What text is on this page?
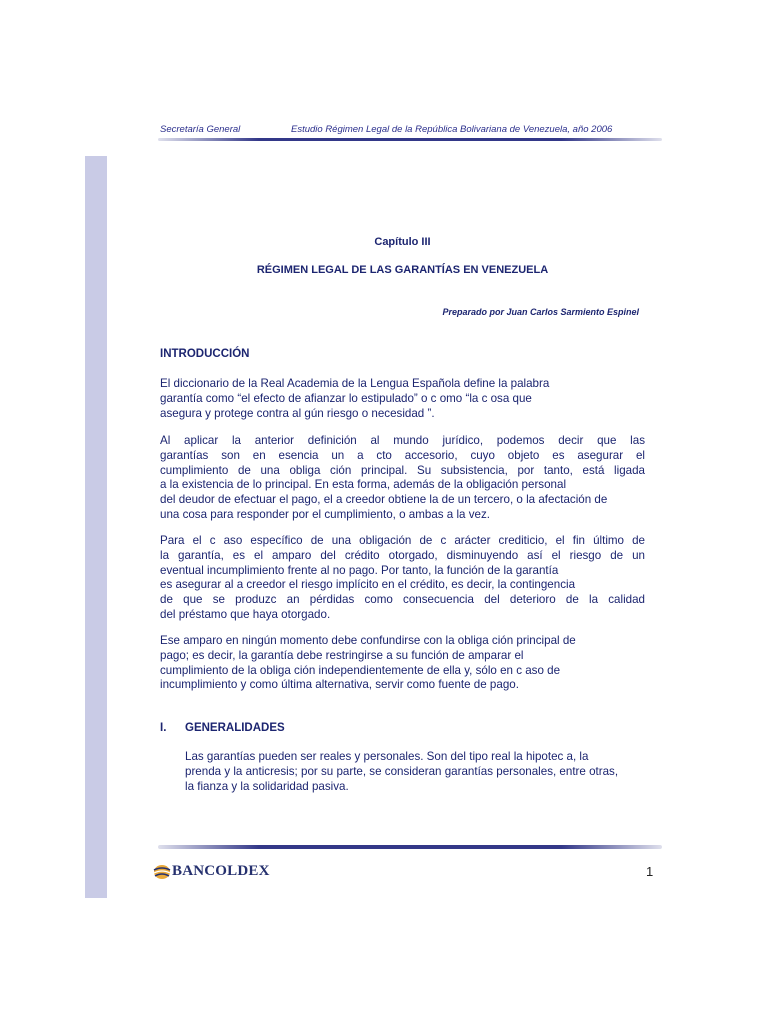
Secretaría General	Estudio Régimen Legal de la República Bolivariana de Venezuela, año 2006
Capítulo III
RÉGIMEN LEGAL DE LAS GARANTÍAS EN VENEZUELA
Preparado por Juan Carlos Sarmiento Espinel
INTRODUCCIÓN
El diccionario de la Real Academia de la Lengua Española define la palabra
garantía como “el efecto de afianzar lo estipulado” o c omo “la c osa que
asegura y protege contra al gún riesgo o necesidad ”.
Al aplicar la anterior definición al mundo jurídico, podemos decir que las
garantías son en esencia un a cto accesorio, cuyo objeto es asegurar el
cumplimiento de una obliga ción principal. Su subsistencia, por tanto, está ligada
a la existencia de lo principal. En esta forma, además de la obligación personal
del deudor de efectuar el pago, el a creedor obtiene la de un tercero, o la afectación de
una cosa para responder por el cumplimiento, o ambas a la vez.
Para el c aso específico de una obligación de c arácter crediticio, el fin último de
la garantía, es el amparo del crédito otorgado, disminuyendo así el riesgo de un
eventual incumplimiento frente al no pago. Por tanto, la función de la garantía
es asegurar al a creedor el riesgo implícito en el crédito, es decir, la contingencia
de que se produzc an pérdidas como consecuencia del deterioro de la calidad
del préstamo que haya otorgado.
Ese amparo en ningún momento debe confundirse con la obliga ción principal de
pago; es decir, la garantía debe restringirse a su función de amparar el
cumplimiento de la obliga ción independientemente de ella y, sólo en c aso de
incumplimiento y como última alternativa, servir como fuente de pago.
I. GENERALIDADES
Las garantías pueden ser reales y personales. Son del tipo real la hipotec a, la
prenda y la anticresis; por su parte, se consideran garantías personales, entre otras,
la fianza y la solidaridad pasiva.
BANCOLDEX	1
